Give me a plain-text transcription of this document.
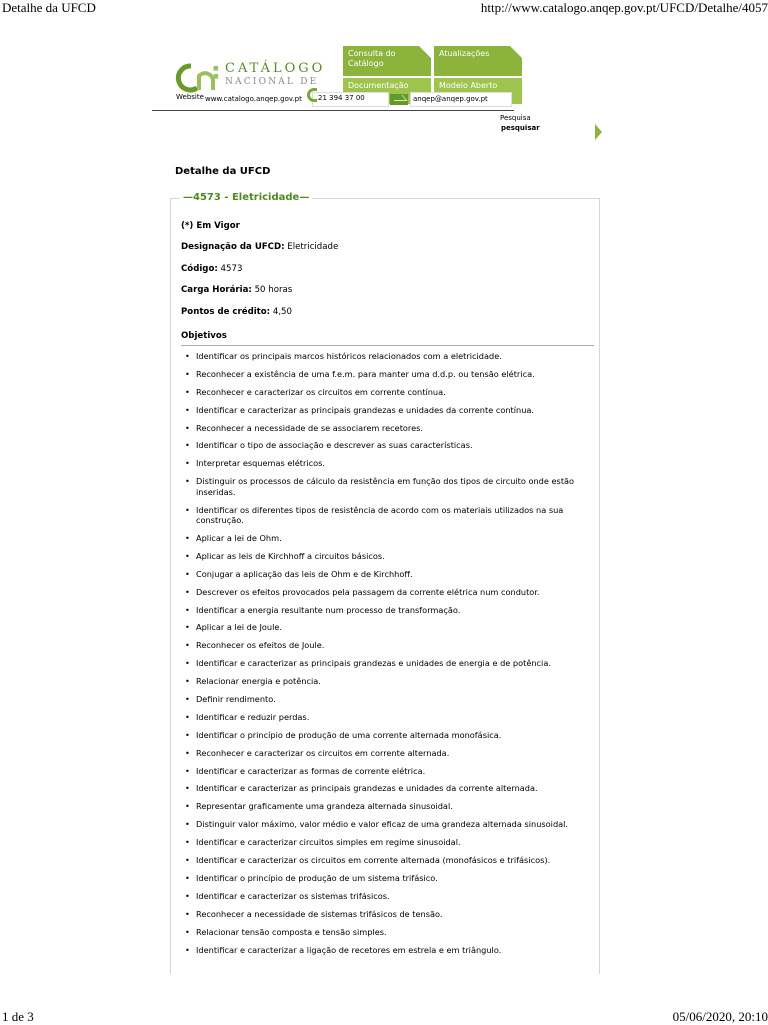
Detalhe da UFCD	http://www.catalogo.anqep.gov.pt/UFCD/Detalhe/4057
■
■
CATÁLOGO
NACIONAL DE
Consulta do Catálogo
Atualizações
Documentação	Modelo Aberto
Website www.catalogo.anqep.gov.pt 21 394 37 00	anqep@anqep.gov.pt
Pesquisa
pesquisar
Detalhe da UFCD
— 4573 - Eletricidade—
(*) Em Vigor
Designação da UFCD: Eletricidade
Código: 4573
Carga Horária: 50 horas
Pontos de crédito: 4,50
Objetivos
• Identificar os principais marcos históricos relacionados com a eletricidade.
• Reconhecer a existência de uma f.e.m. para manter uma d.d.p. ou tensão elétrica.
• Reconhecer e caracterizar os circuitos em corrente contínua.
• Identificar e caracterizar as principais grandezas e unidades da corrente contínua.
• Reconhecer a necessidade de se associarem recetores.
• Identificar o tipo de associação e descrever as suas características.
• Interpretar esquemas elétricos.
• Distinguir os processos de cálculo da resistência em função dos tipos de circuito onde estão inseridas.
• Identificar os diferentes tipos de resistência de acordo com os materiais utilizados na sua construção.
• Aplicar a lei de Ohm.
• Aplicar as leis de Kirchhoff a circuitos básicos.
• Conjugar a aplicação das leis de Ohm e de Kirchhoff.
• Descrever os efeitos provocados pela passagem da corrente elétrica num condutor.
• Identificar a energia resultante num processo de transformação.
• Aplicar a lei de Joule.
• Reconhecer os efeitos de Joule.
• Identificar e caracterizar as principais grandezas e unidades de energia e de potência.
• Relacionar energia e potência.
• Definir rendimento.
• Identificar e reduzir perdas.
• Identificar o princípio de produção de uma corrente alternada monofásica.
• Reconhecer e caracterizar os circuitos em corrente alternada.
• Identificar e caracterizar as formas de corrente elétrica.
• Identificar e caracterizar as principais grandezas e unidades da corrente alternada.
• Representar graficamente uma grandeza alternada sinusoidal.
• Distinguir valor máximo, valor médio e valor eficaz de uma grandeza alternada sinusoidal.
• Identificar e caracterizar circuitos simples em regime sinusoidal.
• Identificar e caracterizar os circuitos em corrente alternada (monofásicos e trifásicos).
• Identificar o princípio de produção de um sistema trifásico.
• Identificar e caracterizar os sistemas trifásicos.
• Reconhecer a necessidade de sistemas trifásicos de tensão.
• Relacionar tensão composta e tensão simples.
• Identificar e caracterizar a ligação de recetores em estrela e em triângulo.
1 de 3	05/06/2020, 20:10
